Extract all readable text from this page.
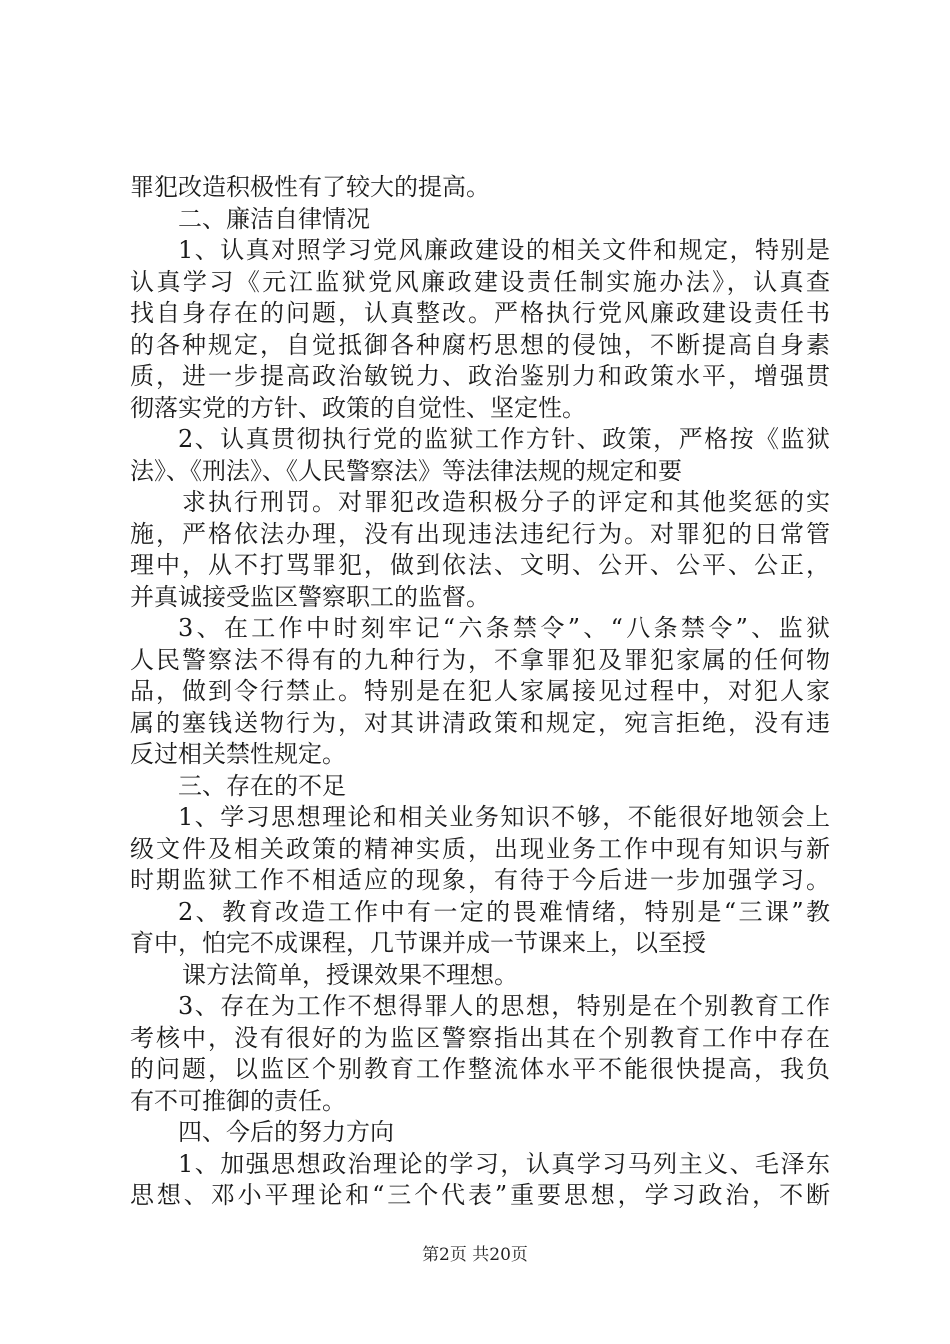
罪犯改造积极性有了较大的提高。
二、廉洁自律情况
1、认真对照学习党风廉政建设的相关文件和规定，特别是
认真学习《元江监狱党风廉政建设责任制实施办法》，认真查
找自身存在的问题，认真整改。严格执行党风廉政建设责任书
的各种规定，自觉抵御各种腐朽思想的侵蚀，不断提高自身素
质，进一步提高政治敏锐力、政治鉴别力和政策水平，增强贯
彻落实党的方针、政策的自觉性、坚定性。
2、认真贯彻执行党的监狱工作方针、政策，严格按《监狱
法》、《刑法》、《人民警察法》等法律法规的规定和要
求执行刑罚。对罪犯改造积极分子的评定和其他奖惩的实
施，严格依法办理，没有出现违法违纪行为。对罪犯的日常管
理中，从不打骂罪犯，做到依法、文明、公开、公平、公正，
并真诚接受监区警察职工的监督。
3、在工作中时刻牢记“六条禁令”、“八条禁令”、监狱
人民警察法不得有的九种行为，不拿罪犯及罪犯家属的任何物
品，做到令行禁止。特别是在犯人家属接见过程中，对犯人家
属的塞钱送物行为，对其讲清政策和规定，宛言拒绝，没有违
反过相关禁性规定。
三、存在的不足
1、学习思想理论和相关业务知识不够，不能很好地领会上
级文件及相关政策的精神实质，出现业务工作中现有知识与新
时期监狱工作不相适应的现象，有待于今后进一步加强学习。
2、教育改造工作中有一定的畏难情绪，特别是“三课”教
育中，怕完不成课程，几节课并成一节课来上，以至授
课方法简单，授课效果不理想。
3、存在为工作不想得罪人的思想，特别是在个别教育工作
考核中，没有很好的为监区警察指出其在个别教育工作中存在
的问题，以监区个别教育工作整流体水平不能很快提高，我负
有不可推御的责任。
四、今后的努力方向
1、加强思想政治理论的学习，认真学习马列主义、毛泽东
思想、邓小平理论和“三个代表”重要思想，学习政治，不断
第2页 共20页
